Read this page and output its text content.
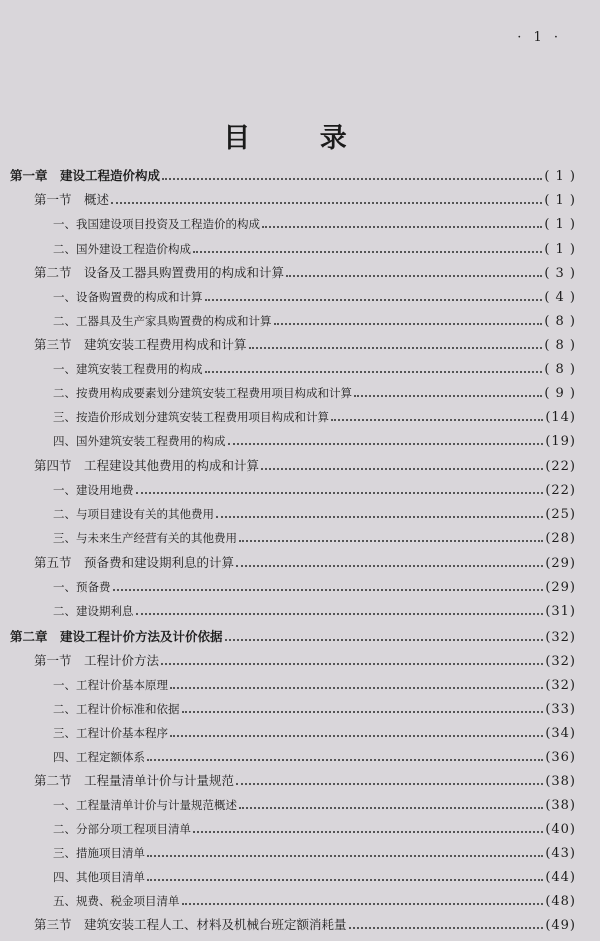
· 1 ·
目 录
第一章　建设工程造价构成	( 1 )
第一节　概述	( 1 )
一、我国建设项目投资及工程造价的构成	( 1 )
二、国外建设工程造价构成	( 1 )
第二节　设备及工器具购置费用的构成和计算	( 3 )
一、设备购置费的构成和计算	( 4 )
二、工器具及生产家具购置费的构成和计算	( 8 )
第三节　建筑安装工程费用构成和计算	( 8 )
一、建筑安装工程费用的构成	( 8 )
二、按费用构成要素划分建筑安装工程费用项目构成和计算	( 9 )
三、按造价形成划分建筑安装工程费用项目构成和计算	(14)
四、国外建筑安装工程费用的构成	(19)
第四节　工程建设其他费用的构成和计算	(22)
一、建设用地费	(22)
二、与项目建设有关的其他费用	(25)
三、与未来生产经营有关的其他费用	(28)
第五节　预备费和建设期利息的计算	(29)
一、预备费	(29)
二、建设期利息	(31)
第二章　建设工程计价方法及计价依据	(32)
第一节　工程计价方法	(32)
一、工程计价基本原理	(32)
二、工程计价标准和依据	(33)
三、工程计价基本程序	(34)
四、工程定额体系	(36)
第二节　工程量清单计价与计量规范	(38)
一、工程量清单计价与计量规范概述	(38)
二、分部分项工程项目清单	(40)
三、措施项目清单	(43)
四、其他项目清单	(44)
五、规费、税金项目清单	(48)
第三节　建筑安装工程人工、材料及机械台班定额消耗量	(49)
